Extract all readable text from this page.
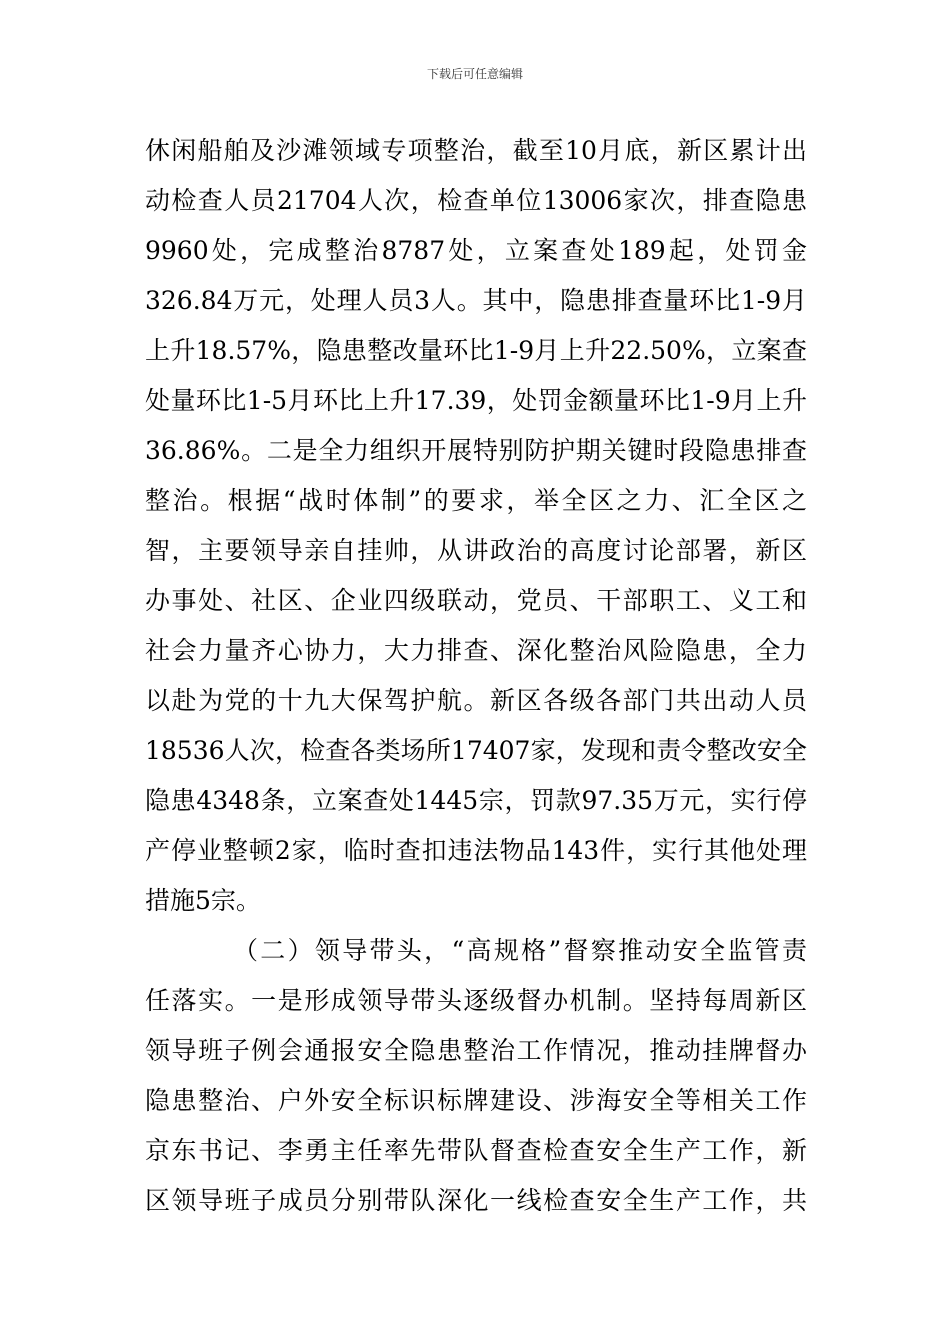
下载后可任意编辑

休闲船舶及沙滩领域专项整治，截至10月底，新区累计出
动检查人员21704人次，检查单位13006家次，排查隐患
9960处，完成整治8787处，立案查处189起，处罚金
326.84万元，处理人员3人。其中，隐患排查量环比1-9月
上升18.57%，隐患整改量环比1-9月上升22.50%，立案查
处量环比1-5月环比上升17.39，处罚金额量环比1-9月上升
36.86%。二是全力组织开展特别防护期关键时段隐患排查
整治。根据“战时体制”的要求，举全区之力、汇全区之
智，主要领导亲自挂帅，从讲政治的高度讨论部署，新区
办事处、社区、企业四级联动，党员、干部职工、义工和
社会力量齐心协力，大力排查、深化整治风险隐患，全力
以赴为党的十九大保驾护航。新区各级各部门共出动人员
18536人次，检查各类场所17407家，发现和责令整改安全
隐患4348条，立案查处1445宗，罚款97.35万元，实行停
产停业整顿2家，临时查扣违法物品143件，实行其他处理
措施5宗。

（二）领导带头，“高规格”督察推动安全监管责
任落实。一是形成领导带头逐级督办机制。坚持每周新区
领导班子例会通报安全隐患整治工作情况，推动挂牌督办
隐患整治、户外安全标识标牌建设、涉海安全等相关工作
京东书记、李勇主任率先带队督查检查安全生产工作，新
区领导班子成员分别带队深化一线检查安全生产工作，共
